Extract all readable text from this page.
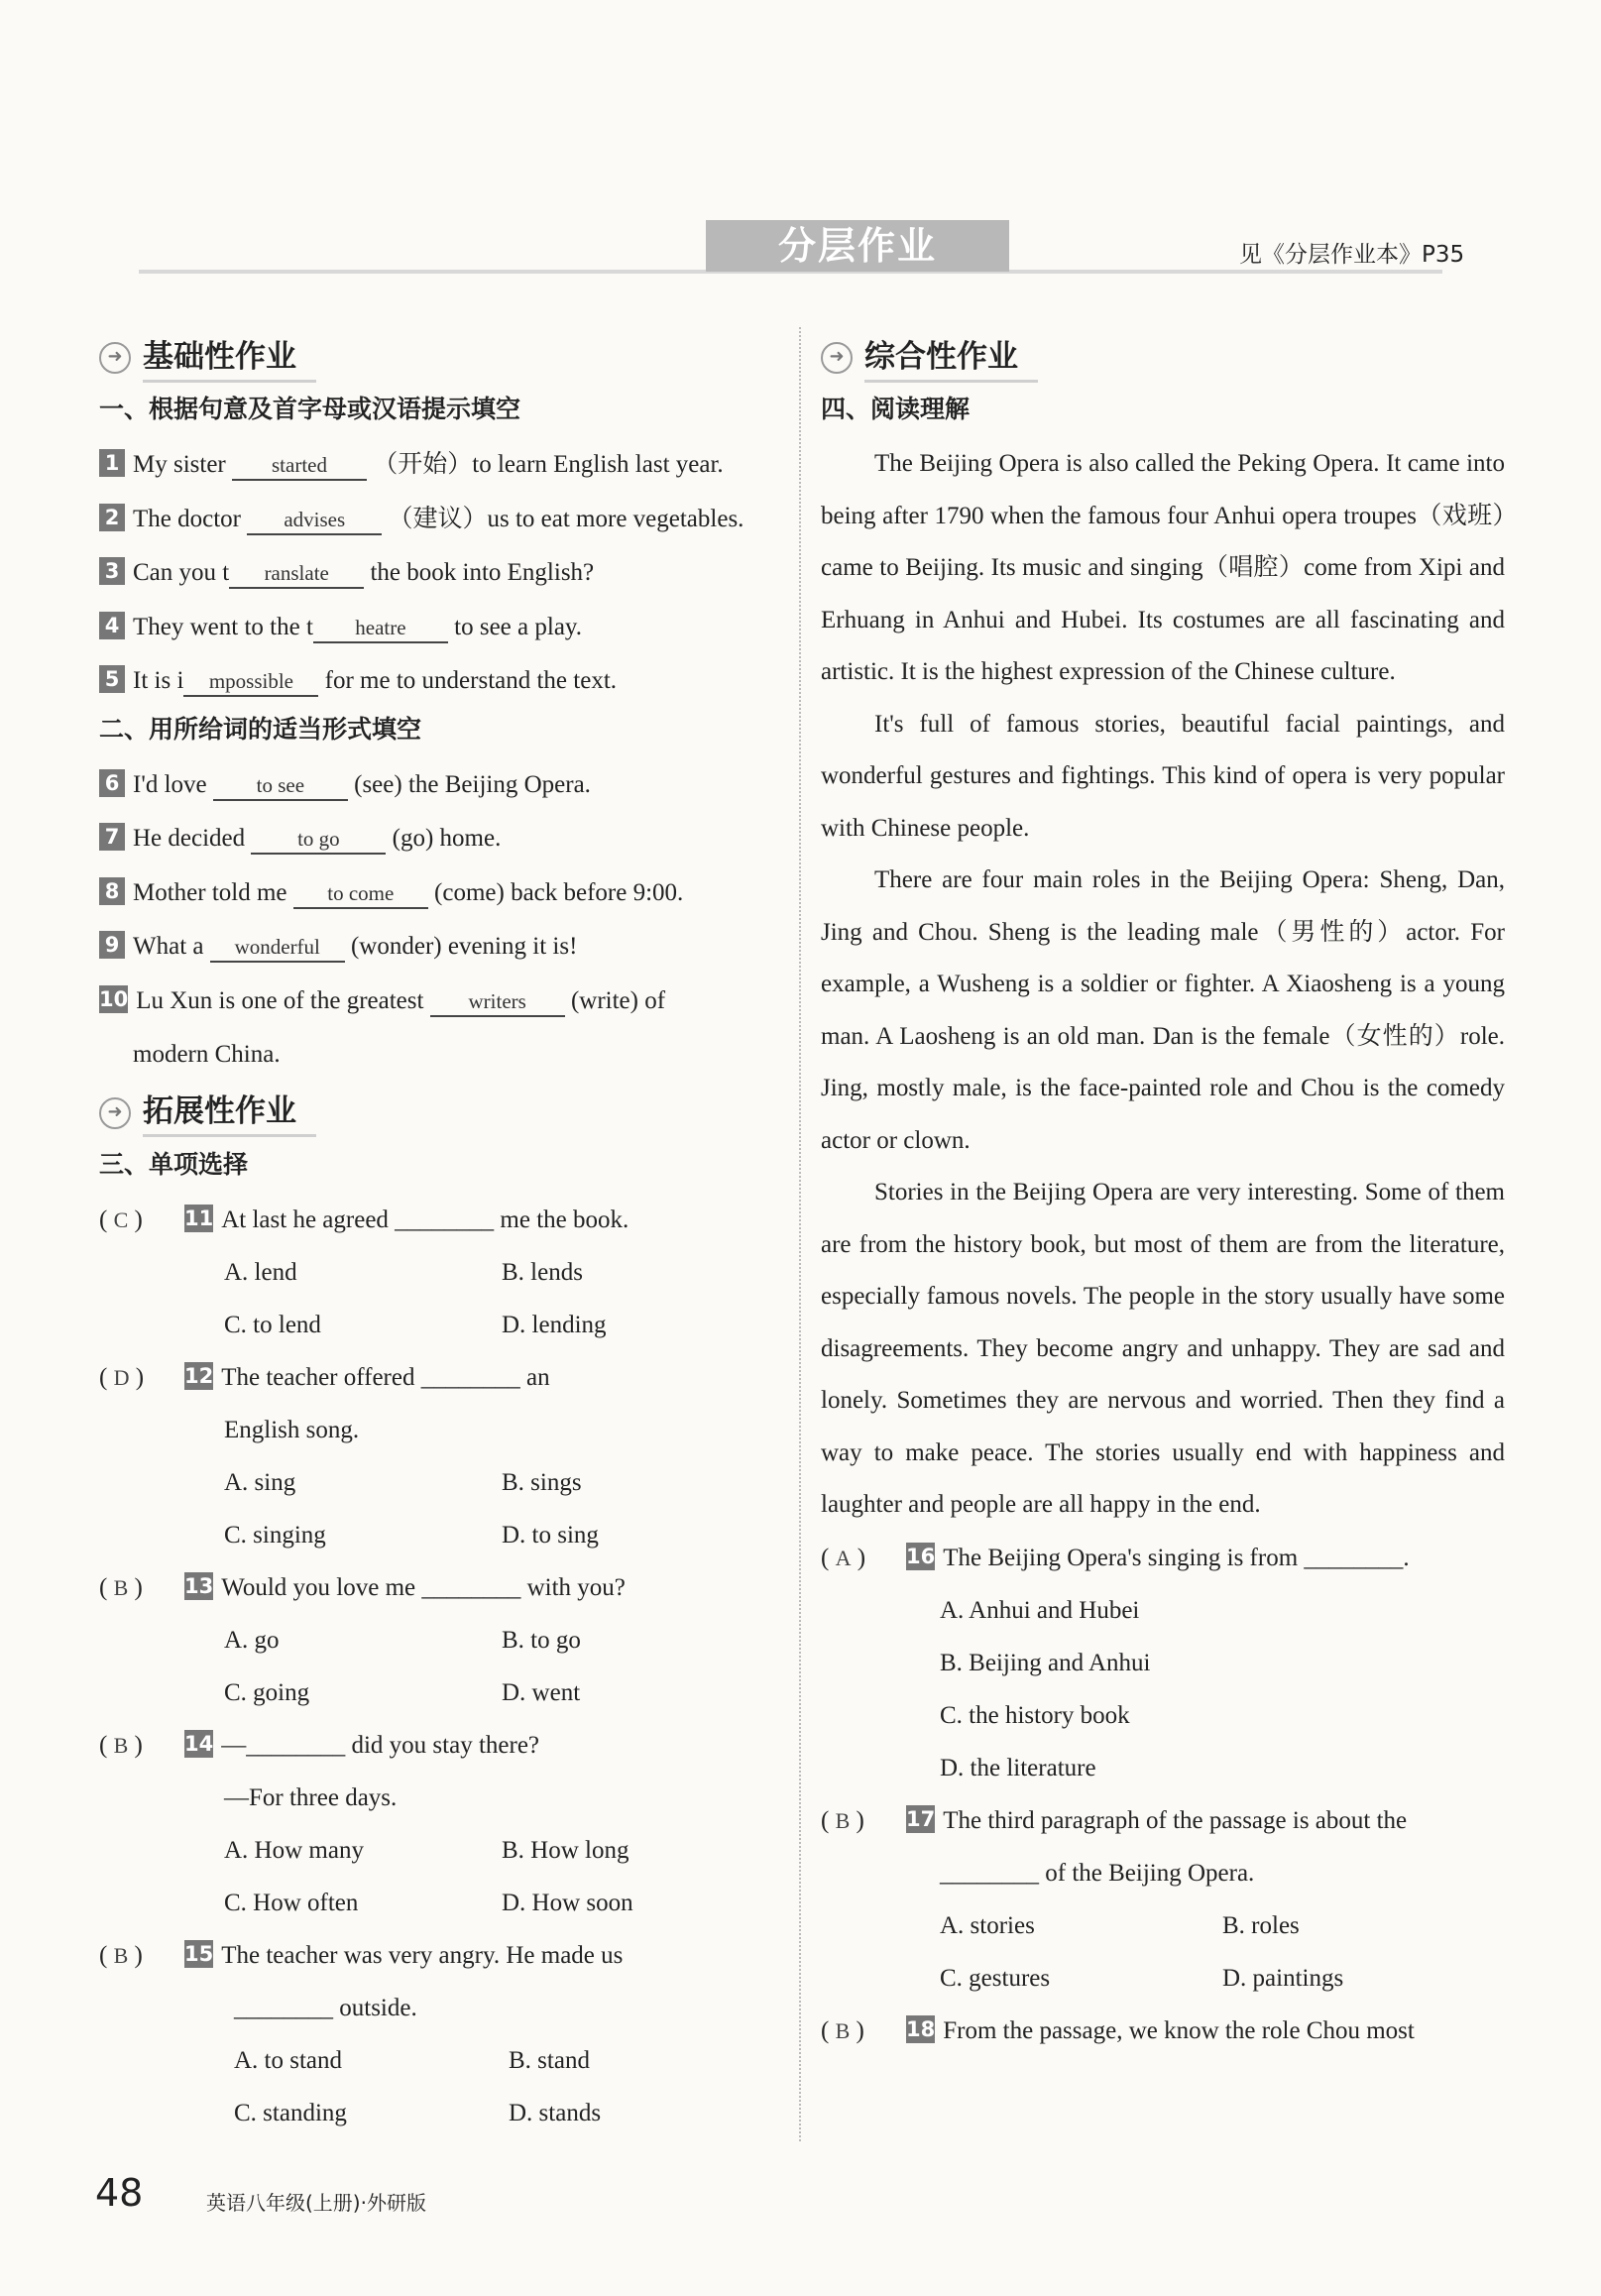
分层作业	见《分层作业本》P35
➜ 基础性作业
一、根据句意及首字母或汉语提示填空
1 My sister started （开始）to learn English last year.
2 The doctor advises （建议）us to eat more vegetables.
3 Can you t ranslate the book into English?
4 They went to the t heatre to see a play.
5 It is i mpossible for me to understand the text.
二、用所给词的适当形式填空
6 I'd love to see (see) the Beijing Opera.
7 He decided	to go (go) home.
8 Mother told me to come (come) back before 9:00.
9 What a wonderful (wonder) evening it is!
10 Lu Xun is one of the greatest writers (write) of
modern China.
➜ 拓展性作业
三、单项选择
( C ) 11 At last he agreed ________ me the book.
A. lend	B. lends
C. to lend	D. lending
( D ) 12 The teacher offered ________ an
English song.
A. sing	B. sings
C. singing	D. to sing
( B ) 13 Would you love me ________ with you?
A. go	B. to go
C. going	D. went
( B ) 14 —________ did you stay there?
—For three days.
A. How many	B. How long
C. How often	D. How soon
( B ) 15 The teacher was very angry. He made us
________ outside.
A. to stand	B. stand
C. standing	D. stands
➜ 综合性作业
四、阅读理解

The Beijing Opera is also called the Peking Opera. It came into being after 1790 when the famous four Anhui opera troupes（戏班）came to Beijing. Its music and singing（唱腔）come from Xipi and Erhuang in Anhui and Hubei. Its costumes are all fascinating and artistic. It is the highest expression of the Chinese culture.

It's full of famous stories, beautiful facial paintings, and wonderful gestures and fightings. This kind of opera is very popular with Chinese people.

There are four main roles in the Beijing Opera: Sheng, Dan, Jing and Chou. Sheng is the leading male（男性的）actor. For example, a Wusheng is a soldier or fighter. A Xiaosheng is a young man. A Laosheng is an old man. Dan is the female（女性的）role. Jing, mostly male, is the face-painted role and Chou is the comedy actor or clown.

Stories in the Beijing Opera are very interesting. Some of them are from the history book, but most of them are from the literature, especially famous novels. The people in the story usually have some disagreements. They become angry and unhappy. They are sad and lonely. Sometimes they are nervous and worried. Then they find a way to make peace. The stories usually end with happiness and laughter and people are all happy in the end.

( A ) 16 The Beijing Opera's singing is from ________.
A. Anhui and Hubei
B. Beijing and Anhui
C. the history book
D. the literature
( B ) 17 The third paragraph of the passage is about the
________ of the Beijing Opera.
A. stories	B. roles
C. gestures	D. paintings
( B ) 18 From the passage, we know the role Chou most
48	英语八年级(上册)·外研版
